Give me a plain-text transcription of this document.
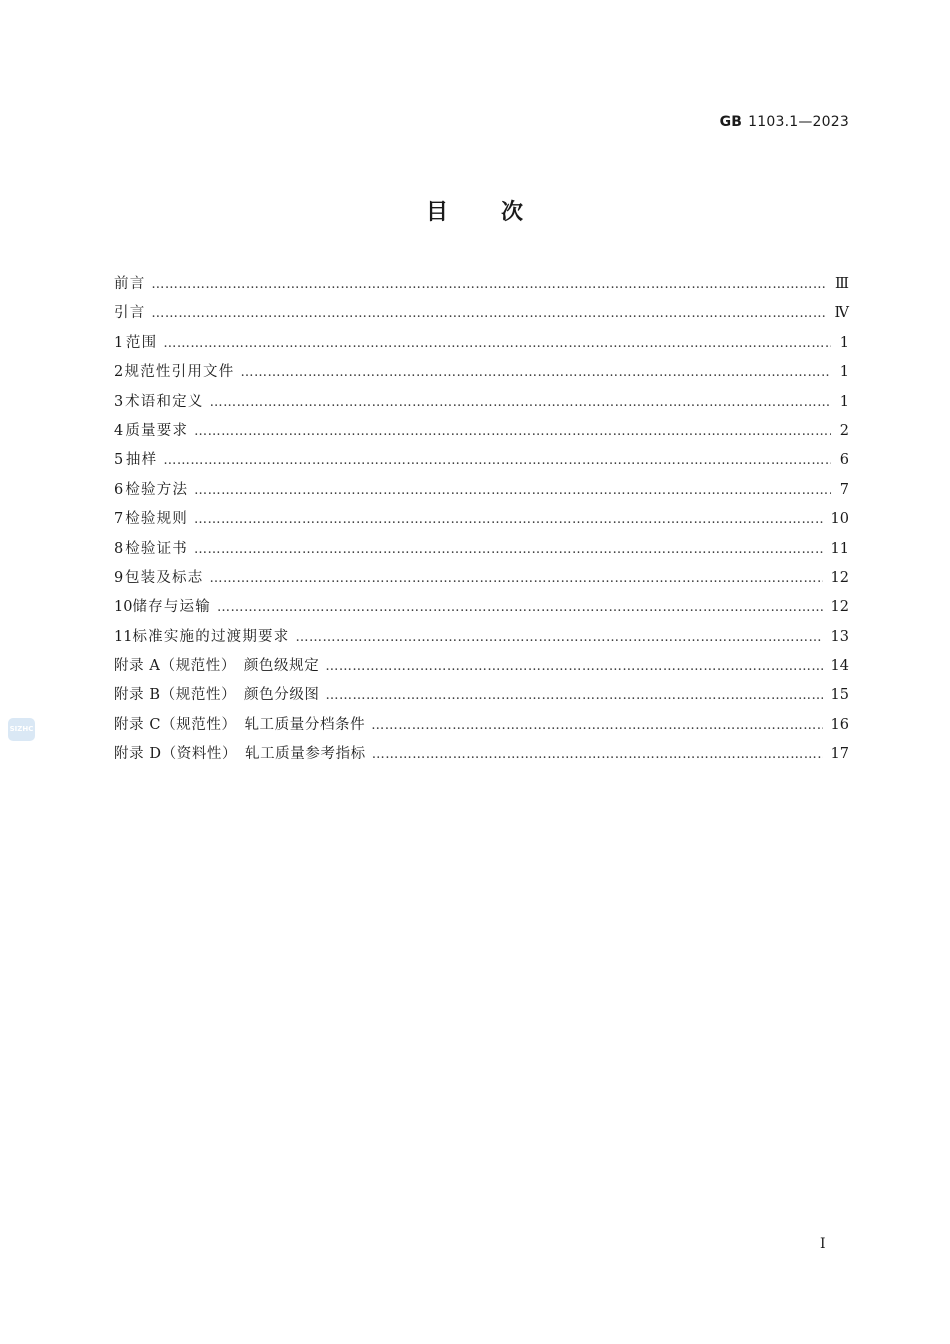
GB 1103.1—2023
目 次
前言 ………………………………………………………………………………………………………………………………………………………………………………………………………………………………………………………………………………………………	Ⅲ
引言 ………………………………………………………………………………………………………………………………………………………………………………………………………………………………………………………………………………………………	Ⅳ
1 范围 ………………………………………………………………………………………………………………………………………………………………………………………………………………………………………………………………………………………………	1
2 规范性引用文件 ………………………………………………………………………………………………………………………………………………………………………………………………………………………………………………………………………………………………	1
3 术语和定义 ………………………………………………………………………………………………………………………………………………………………………………………………………………………………………………………………………………………………	1
4 质量要求 ………………………………………………………………………………………………………………………………………………………………………………………………………………………………………………………………………………………………	2
5 抽样 ………………………………………………………………………………………………………………………………………………………………………………………………………………………………………………………………………………………………	6
6 检验方法 ………………………………………………………………………………………………………………………………………………………………………………………………………………………………………………………………………………………………	7
7 检验规则 ………………………………………………………………………………………………………………………………………………………………………………………………………………………………………………………………………………………………	10
8 检验证书 ………………………………………………………………………………………………………………………………………………………………………………………………………………………………………………………………………………………………	11
9 包装及标志 ………………………………………………………………………………………………………………………………………………………………………………………………………………………………………………………………………………………………	12
10 储存与运输 ………………………………………………………………………………………………………………………………………………………………………………………………………………………………………………………………………………………………	12
11 标准实施的过渡期要求 ………………………………………………………………………………………………………………………………………………………………………………………………………………………………………………………………………………………………	13
附录 A（规范性）　颜色级规定 ………………………………………………………………………………………………………………………………………………………………………………………………………………………………………………………………………………………………	14
附录 B（规范性）　颜色分级图 ………………………………………………………………………………………………………………………………………………………………………………………………………………………………………………………………………………………………	15
附录 C（规范性）　轧工质量分档条件 ………………………………………………………………………………………………………………………………………………………………………………………………………………………………………………………………………………………………	16
附录 D（资料性）　轧工质量参考指标 ………………………………………………………………………………………………………………………………………………………………………………………………………………………………………………………………………………………………	17
SIZHC
Ⅰ
